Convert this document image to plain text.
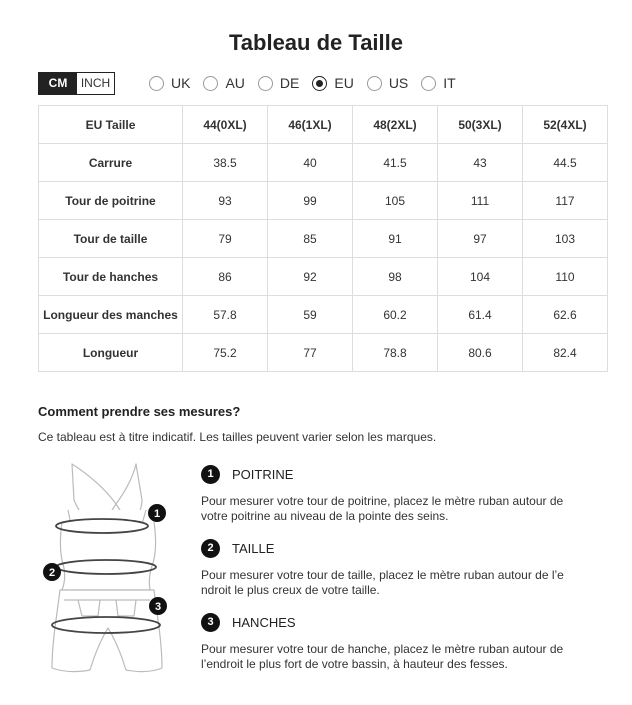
Tableau de Taille
CM	INCH	UK	AU	DE	EU	US	IT
EU Taille	44(0XL)	46(1XL)	48(2XL)	50(3XL)	52(4XL)
Carrure	38.5	40	41.5	43	44.5
Tour de poitrine	93	99	105	111	117
Tour de taille	79	85	91	97	103
Tour de hanches	86	92	98	104	110
Longueur des manches	57.8	59	60.2	61.4	62.6
Longueur	75.2	77	78.8	80.6	82.4
Comment prendre ses mesures?
Ce tableau est à titre indicatif. Les tailles peuvent varier selon les marques.
1
2
3
1	POITRINE
Pour mesurer votre tour de poitrine, placez le mètre ruban autour de
votre poitrine au niveau de la pointe des seins.
2	TAILLE
Pour mesurer votre tour de taille, placez le mètre ruban autour de l’e
ndroit le plus creux de votre taille.
3	HANCHES
Pour mesurer votre tour de hanche, placez le mètre ruban autour de
l’endroit le plus fort de votre bassin, à hauteur des fesses.
